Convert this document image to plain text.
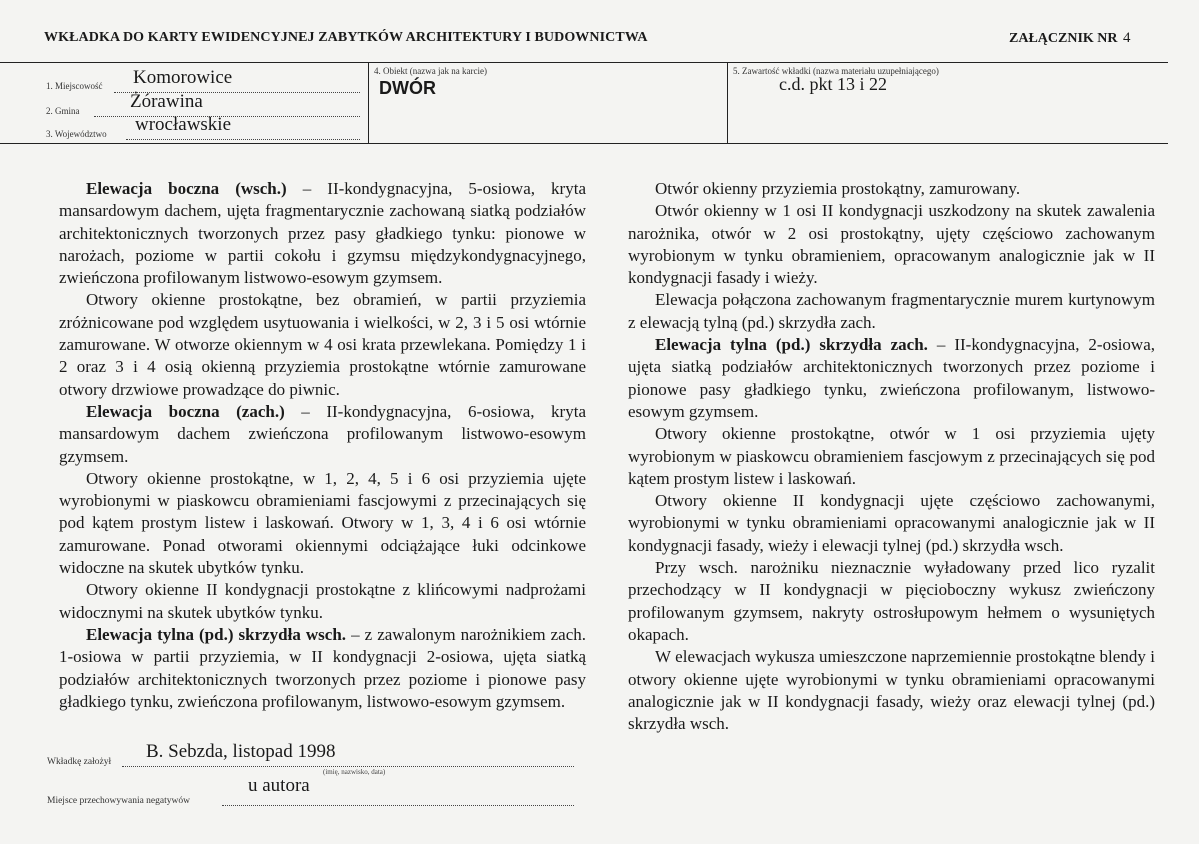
WKŁADKA DO KARTY EWIDENCYJNEJ ZABYTKÓW ARCHITEKTURY I BUDOWNICTWA	ZAŁĄCZNIK NR 4
1. Miejscowość Komorowice
2. Gmina	Żórawina
3. Województwo wrocławskie
4. Obiekt (nazwa jak na karcie)
DWÓR
5. Zawartość wkładki (nazwa materiału uzupełniającego)
c.d. pkt 13 i 22

Elewacja boczna (wsch.) – II-kondygnacyjna, 5-osiowa, kryta mansardowym dachem, ujęta fragmentarycznie zachowaną siatką podziałów architektonicznych tworzonych przez pasy gładkiego tynku: pionowe w narożach, poziome w partii cokołu i gzymsu międzykondygnacyjnego, zwieńczona profilowanym listwowo-esowym gzymsem.

Otwory okienne prostokątne, bez obramień, w partii przyziemia zróżnicowane pod względem usytuowania i wielkości, w 2, 3 i 5 osi wtórnie zamurowane. W otworze okiennym w 4 osi krata przewlekana. Pomiędzy 1 i 2 oraz 3 i 4 osią okienną przyziemia prostokątne wtórnie zamurowane otwory drzwiowe prowadzące do piwnic.

Elewacja boczna (zach.) – II-kondygnacyjna, 6-osiowa, kryta mansardowym dachem zwieńczona profilowanym listwowo-esowym gzymsem.

Otwory okienne prostokątne, w 1, 2, 4, 5 i 6 osi przyziemia ujęte wyrobionymi w piaskowcu obramieniami fascjowymi z przecinających się pod kątem prostym listew i laskowań. Otwory w 1, 3, 4 i 6 osi wtórnie zamurowane. Ponad otworami okiennymi odciążające łuki odcinkowe widoczne na skutek ubytków tynku.

Otwory okienne II kondygnacji prostokątne z klińcowymi nadprożami widocznymi na skutek ubytków tynku.

Elewacja tylna (pd.) skrzydła wsch. – z zawalonym narożnikiem zach. 1-osiowa w partii przyziemia, w II kondygnacji 2-osiowa, ujęta siatką podziałów architektonicznych tworzonych przez poziome i pionowe pasy gładkiego tynku, zwieńczona profilowanym, listwowo-esowym gzymsem.

Otwór okienny przyziemia prostokątny, zamurowany.

Otwór okienny w 1 osi II kondygnacji uszkodzony na skutek zawalenia narożnika, otwór w 2 osi prostokątny, ujęty częściowo zachowanym wyrobionym w tynku obramieniem, opracowanym analogicznie jak w II kondygnacji fasady i wieży.

Elewacja połączona zachowanym fragmentarycznie murem kurtynowym z elewacją tylną (pd.) skrzydła zach.

Elewacja tylna (pd.) skrzydła zach. – II-kondygnacyjna, 2-osiowa, ujęta siatką podziałów architektonicznych tworzonych przez poziome i pionowe pasy gładkiego tynku, zwieńczona profilowanym, listwowo-esowym gzymsem.

Otwory okienne prostokątne, otwór w 1 osi przyziemia ujęty wyrobionym w piaskowcu obramieniem fascjowym z przecinających się pod kątem prostym listew i laskowań.

Otwory okienne II kondygnacji ujęte częściowo zachowanymi, wyrobionymi w tynku obramieniami opracowanymi analogicznie jak w II kondygnacji fasady, wieży i elewacji tylnej (pd.) skrzydła wsch.

Przy wsch. narożniku nieznacznie wyładowany przed lico ryzalit przechodzący w II kondygnacji w pięcioboczny wykusz zwieńczony profilowanym gzymsem, nakryty ostrosłupowym hełmem o wysuniętych okapach.

W elewacjach wykusza umieszczone naprzemiennie prostokątne blendy i otwory okienne ujęte wyrobionymi w tynku obramieniami opracowanymi analogicznie jak w II kondygnacji fasady, wieży oraz elewacji tylnej (pd.) skrzydła wsch.

Wkładkę założył B. Sebzda, listopad 1998
(imię, nazwisko, data)
u autora
Miejsce przechowywania negatywów
